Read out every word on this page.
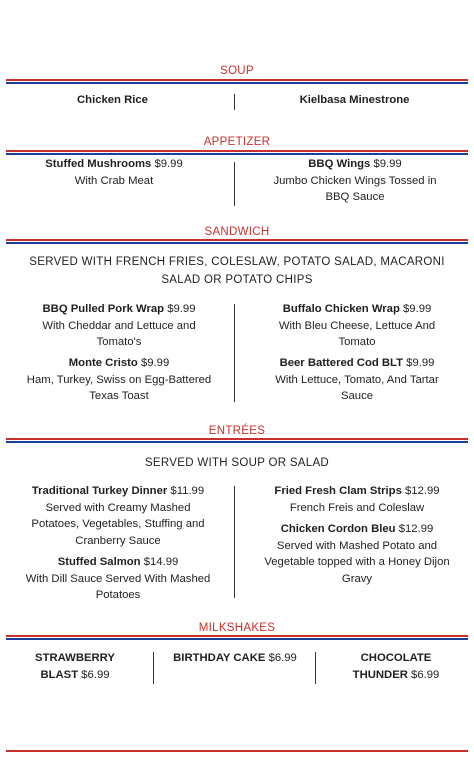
SOUP
Chicken Rice	Kielbasa Minestrone
APPETIZER
Stuffed Mushrooms $9.99
With Crab Meat
BBQ Wings $9.99
Jumbo Chicken Wings Tossed in
BBQ Sauce
SANDWICH
SERVED WITH FRENCH FRIES, COLESLAW, POTATO SALAD, MACARONI
SALAD OR POTATO CHIPS
BBQ Pulled Pork Wrap $9.99
With Cheddar and Lettuce and
Tomato's
Buffalo Chicken Wrap $9.99
With Bleu Cheese, Lettuce And
Tomato
Monte Cristo $9.99
Ham, Turkey, Swiss on Egg-Battered
Texas Toast
Beer Battered Cod BLT $9.99
With Lettuce, Tomato, And Tartar
Sauce
ENTRÉES
SERVED WITH SOUP OR SALAD
Traditional Turkey Dinner $11.99
Served with Creamy Mashed
Potatoes, Vegetables, Stuffing and
Cranberry Sauce
Stuffed Salmon $14.99
With Dill Sauce Served With Mashed
Potatoes
Fried Fresh Clam Strips $12.99
French Freis and Coleslaw
Chicken Cordon Bleu $12.99
Served with Mashed Potato and
Vegetable topped with a Honey Dijon
Gravy
MILKSHAKES
STRAWBERRY
BLAST $6.99
BIRTHDAY CAKE $6.99	CHOCOLATE
THUNDER $6.99
